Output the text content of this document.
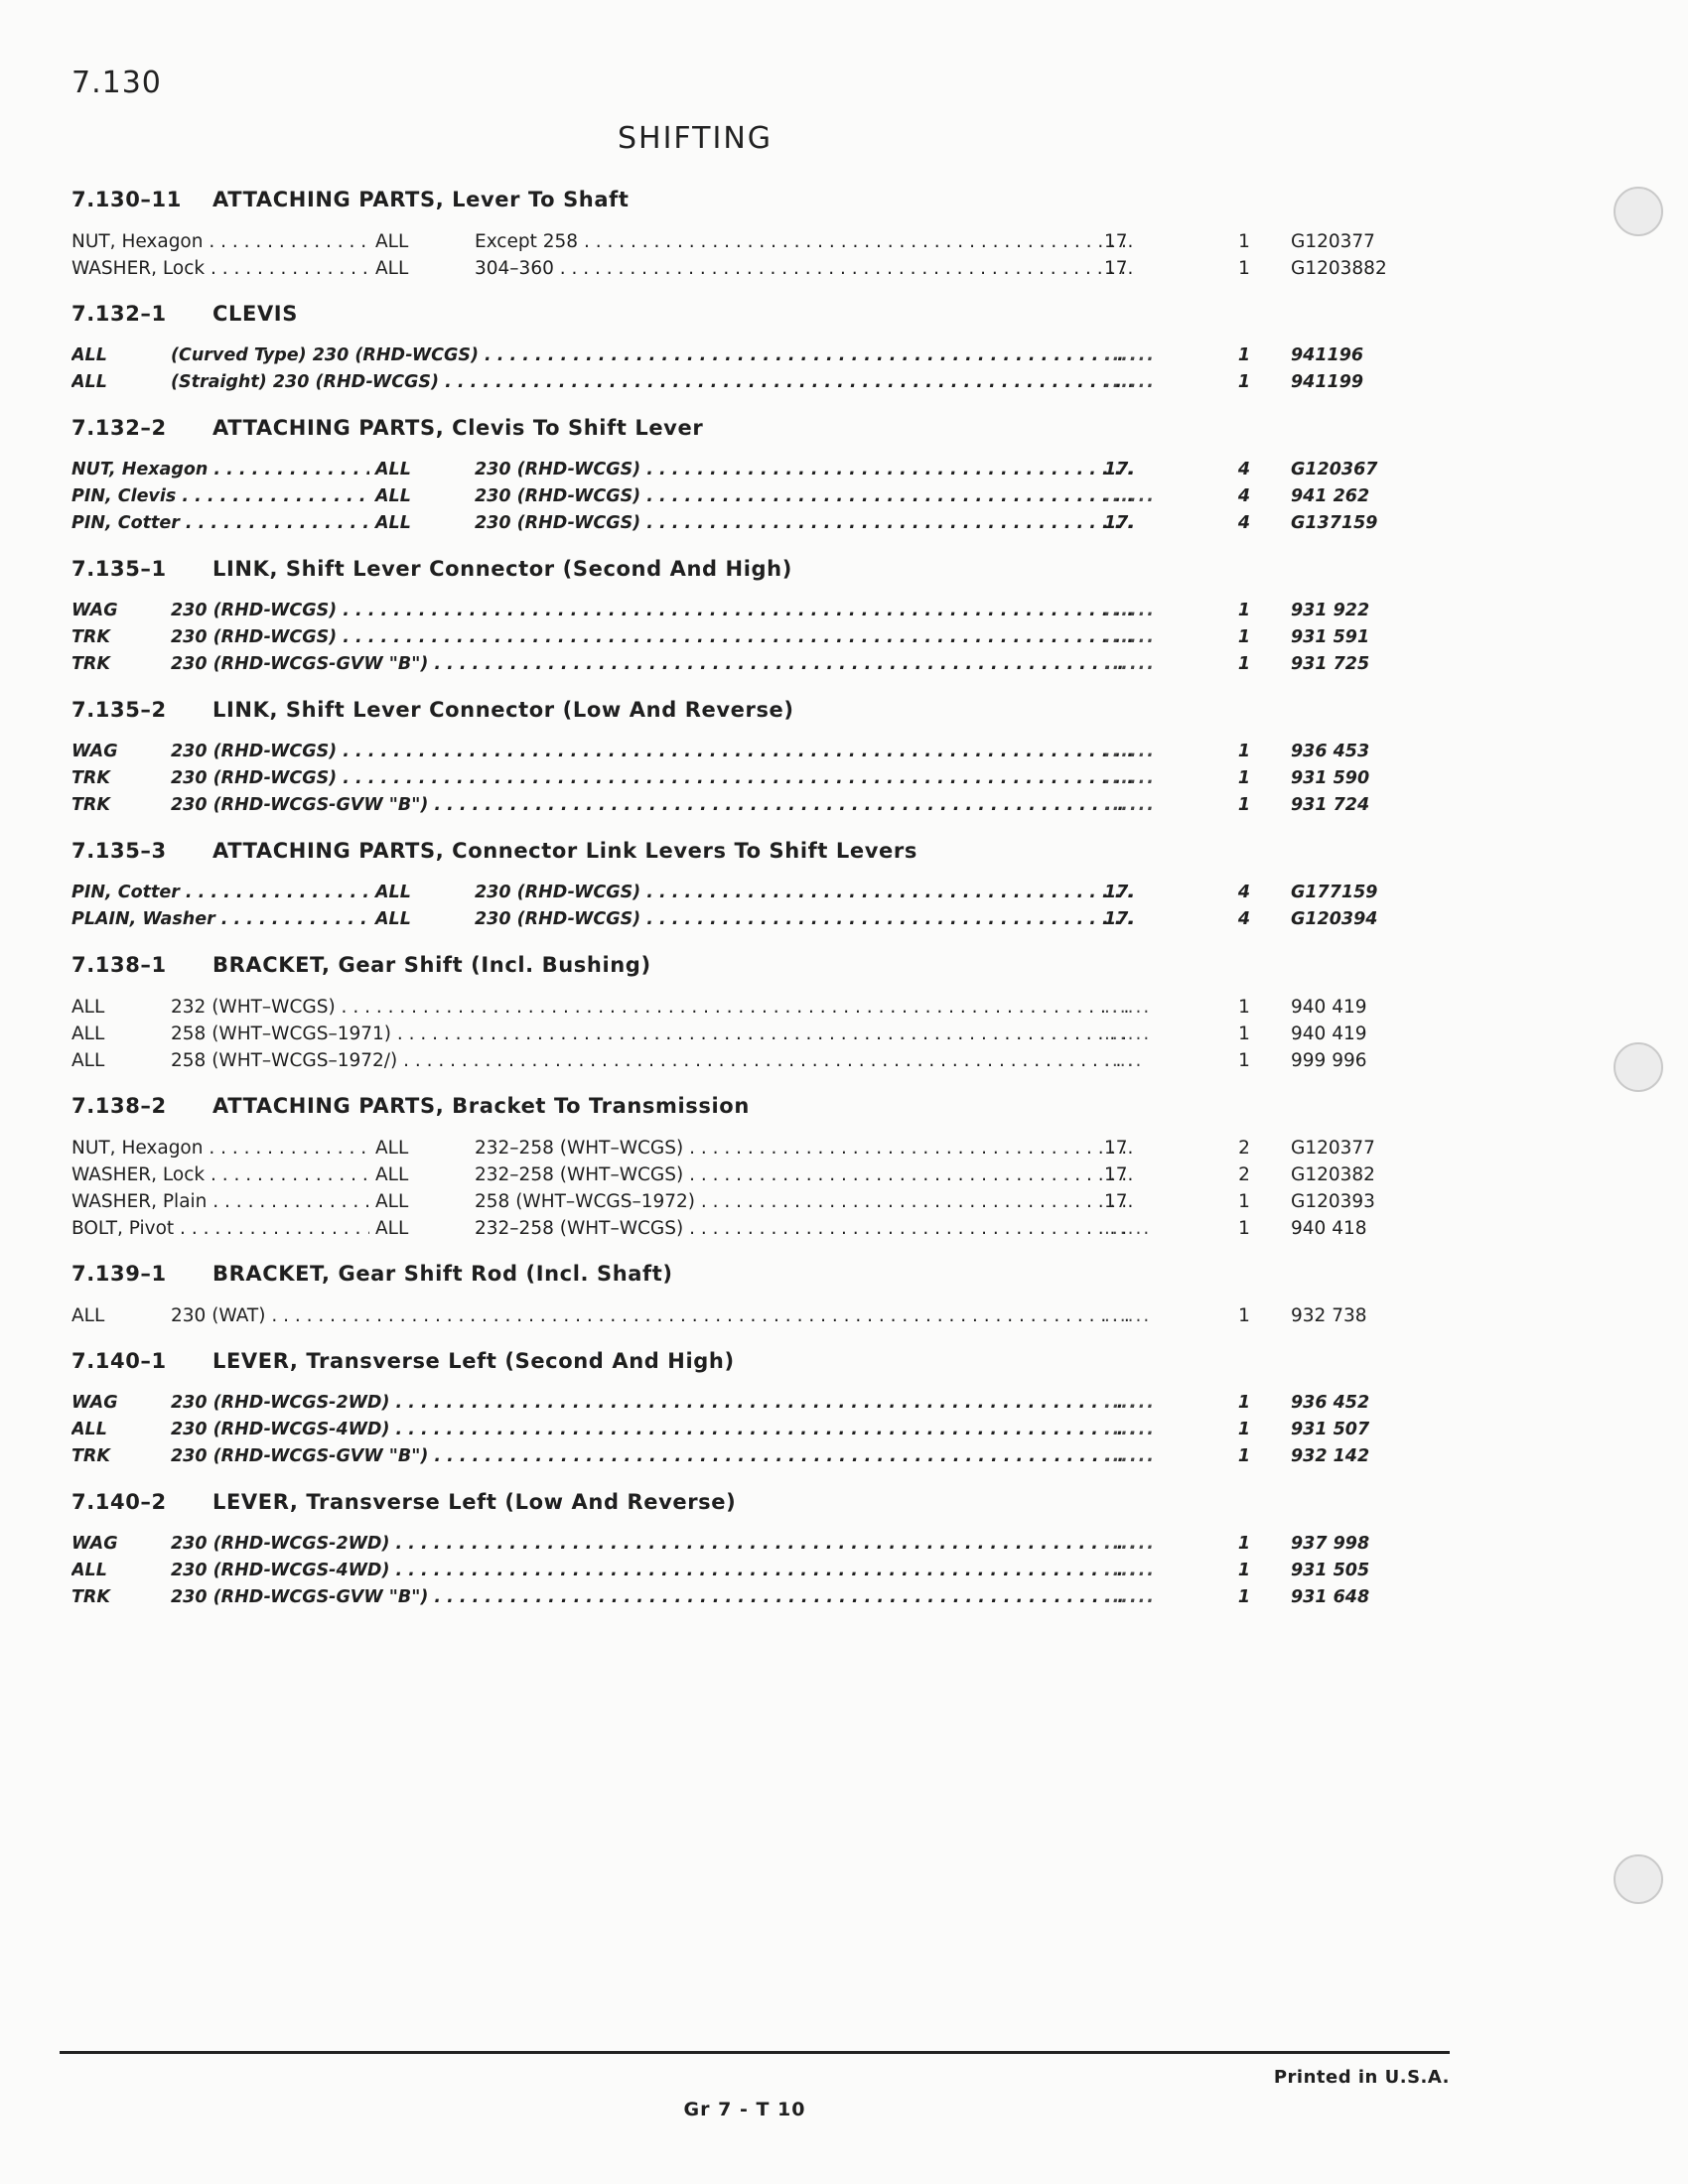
7.130
SHIFTING
7.130–11 ATTACHING PARTS, Lever To Shaft
NUT, Hexagon . . .	ALL	Except 258 . . .	17.	1	G120377
WASHER, Lock . . .	ALL	304–360 . . .	17.	1	G1203882
7.132–1 CLEVIS
ALL	(Curved Type) 230 (RHD-WCGS) . . .	......	1	941196
ALL	(Straight) 230 (RHD-WCGS) . . .	......	1	941199
7.132–2 ATTACHING PARTS, Clevis To Shift Lever
NUT, Hexagon . . .	ALL	230 (RHD-WCGS) . . .	17.	4	G120367
PIN, Clevis . . .	ALL	230 (RHD-WCGS) . . .	......	4	941 262
PIN, Cotter . . .	ALL	230 (RHD-WCGS) . . .	17.	4	G137159
7.135–1 LINK, Shift Lever Connector (Second And High)
WAG	230 (RHD-WCGS) . . .	......	1	931 922
TRK	230 (RHD-WCGS) . . .	......	1	931 591
TRK	230 (RHD-WCGS-GVW "B") . . .	......	1	931 725
7.135–2 LINK, Shift Lever Connector (Low And Reverse)
WAG	230 (RHD-WCGS) . . .	......	1	936 453
TRK	230 (RHD-WCGS) . . .	......	1	931 590
TRK	230 (RHD-WCGS-GVW "B") . . .	......	1	931 724
7.135–3 ATTACHING PARTS, Connector Link Levers To Shift Levers
PIN, Cotter . . .	ALL	230 (RHD-WCGS) . . .	17.	4	G177159
PLAIN, Washer . . .	ALL	230 (RHD-WCGS) . . .	17.	4	G120394
7.138–1 BRACKET, Gear Shift (Incl. Bushing)
ALL	232 (WHT–WCGS) . . .	......	1	940 419
ALL	258 (WHT–WCGS–1971) . . .	......	1	940 419
ALL	258 (WHT–WCGS–1972/) . . .	.....	1	999 996
7.138–2 ATTACHING PARTS, Bracket To Transmission
NUT, Hexagon . . .	ALL	232–258 (WHT–WCGS) . . .	17.	2	G120377
WASHER, Lock . . .	ALL	232–258 (WHT–WCGS) . . .	17.	2	G120382
WASHER, Plain . . .	ALL	258 (WHT–WCGS–1972) . . .	17.	1	G120393
BOLT, Pivot . . .	ALL	232–258 (WHT–WCGS) . . .	......	1	940 418
7.139–1 BRACKET, Gear Shift Rod (Incl. Shaft)
ALL	230 (WAT) . . .	......	1	932 738
7.140–1 LEVER, Transverse Left (Second And High)
WAG	230 (RHD-WCGS-2WD) . . .	......	1	936 452
ALL	230 (RHD-WCGS-4WD) . . .	......	1	931 507
TRK	230 (RHD-WCGS-GVW "B") . . .	......	1	932 142
7.140–2 LEVER, Transverse Left (Low And Reverse)
WAG	230 (RHD-WCGS-2WD) . . .	......	1	937 998
ALL	230 (RHD-WCGS-4WD) . . .	......	1	931 505
TRK	230 (RHD-WCGS-GVW "B") . . .	......	1	931 648
Printed in U.S.A.
Gr 7 - T 10
